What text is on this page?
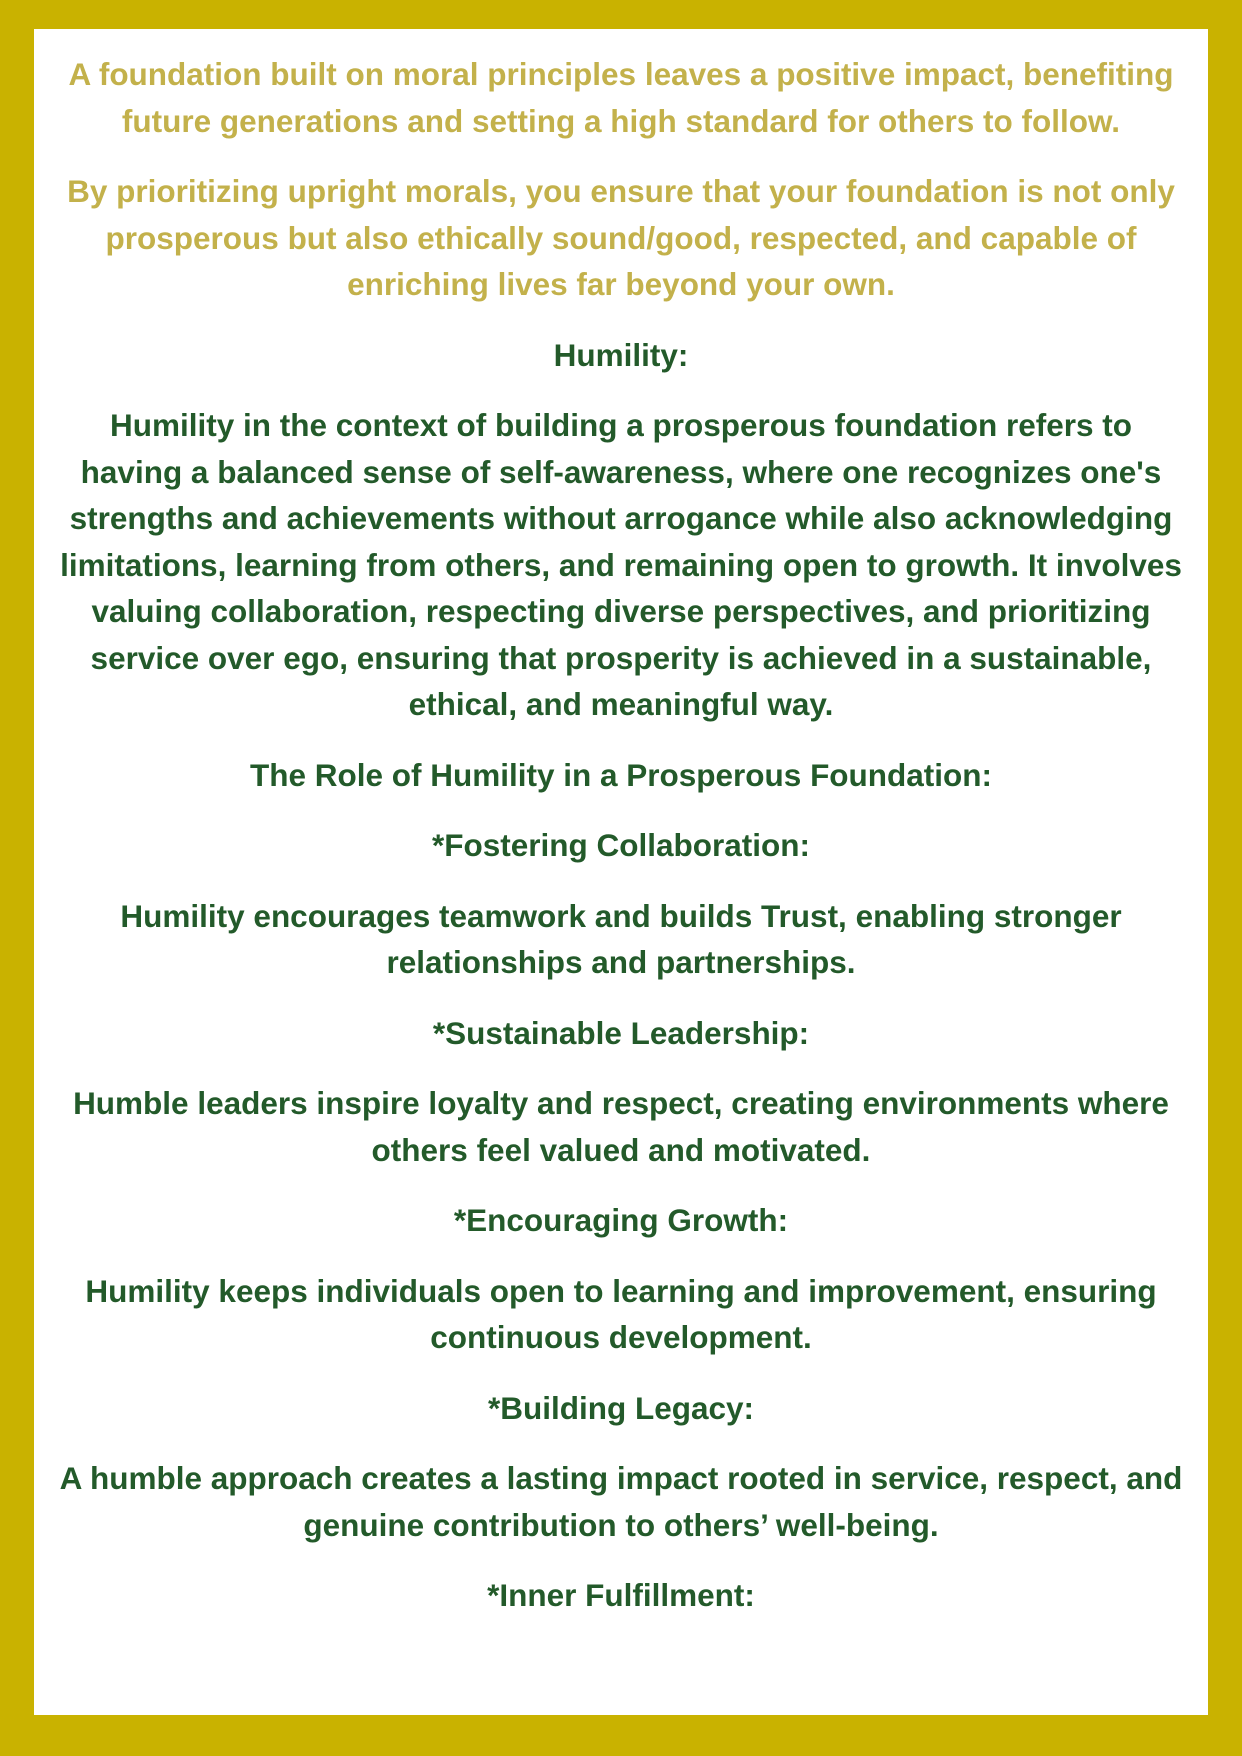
A foundation built on moral principles leaves a positive impact, benefiting future generations and setting a high standard for others to follow.

By prioritizing upright morals, you ensure that your foundation is not only prosperous but also ethically sound/good, respected, and capable of enriching lives far beyond your own.

Humility:

Humility in the context of building a prosperous foundation refers to having a balanced sense of self-awareness, where one recognizes one's strengths and achievements without arrogance while also acknowledging limitations, learning from others, and remaining open to growth. It involves valuing collaboration, respecting diverse perspectives, and prioritizing service over ego, ensuring that prosperity is achieved in a sustainable, ethical, and meaningful way.

The Role of Humility in a Prosperous Foundation:

*Fostering Collaboration:

Humility encourages teamwork and builds Trust, enabling stronger relationships and partnerships.

*Sustainable Leadership:

Humble leaders inspire loyalty and respect, creating environments where others feel valued and motivated.

*Encouraging Growth:

Humility keeps individuals open to learning and improvement, ensuring continuous development.

*Building Legacy:

A humble approach creates a lasting impact rooted in service, respect, and genuine contribution to others’ well-being.

*Inner Fulfillment:
